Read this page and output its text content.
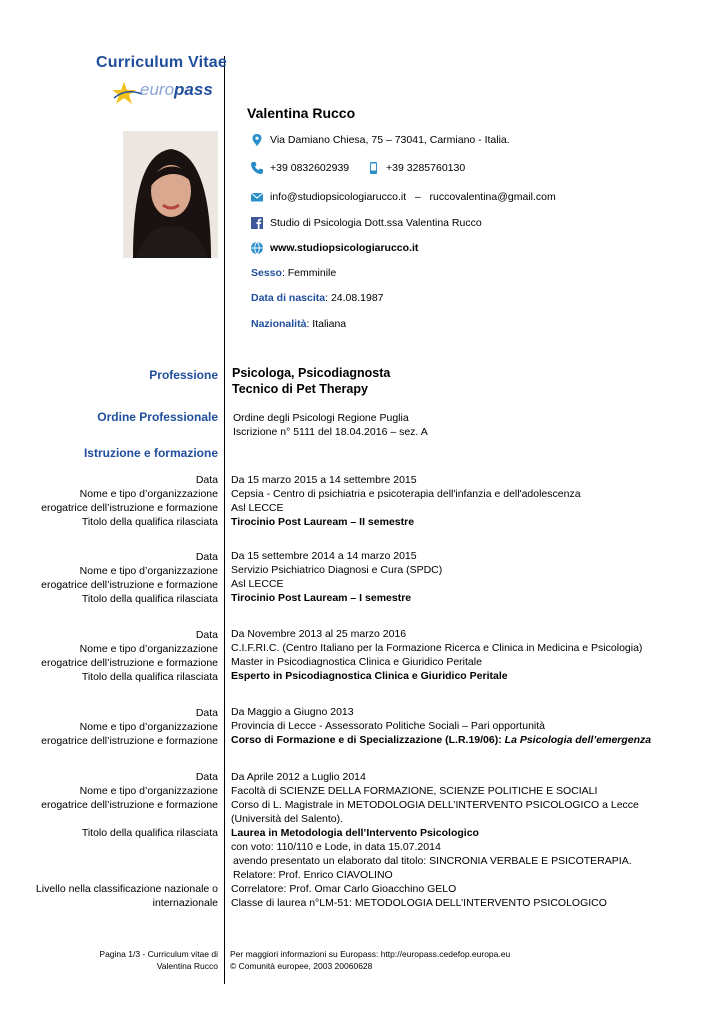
Curriculum Vitae
europass
Valentina Rucco
Via Damiano Chiesa, 75 – 73041, Carmiano - Italia.
+39 0832602939	+39 3285760130
info@studiopsicologiarucco.it – ruccovalentina@gmail.com
Studio di Psicologia Dott.ssa Valentina Rucco
www.studiopsicologiarucco.it
Sesso: Femminile
Data di nascita: 24.08.1987
Nazionalità: Italiana
Professione Psicologa, Psicodiagnosta
Tecnico di Pet Therapy
Ordine Professionale Ordine degli Psicologi Regione Puglia
Iscrizione n° 5111 del 18.04.2016 – sez. A
Istruzione e formazione
Data
Nome e tipo d’organizzazione
erogatrice dell’istruzione e formazione
Titolo della qualifica rilasciata
Da 15 marzo 2015 a 14 settembre 2015
Cepsia - Centro di psichiatria e psicoterapia dell'infanzia e dell'adolescenza
Asl LECCE
Tirocinio Post Lauream – II semestre
Data
Nome e tipo d’organizzazione
erogatrice dell’istruzione e formazione
Titolo della qualifica rilasciata
Da 15 settembre 2014 a 14 marzo 2015
Servizio Psichiatrico Diagnosi e Cura (SPDC)
Asl LECCE
Tirocinio Post Lauream – I semestre
Data
Nome e tipo d’organizzazione
erogatrice dell’istruzione e formazione
Titolo della qualifica rilasciata
Da Novembre 2013 al 25 marzo 2016
C.I.F.RI.C. (Centro Italiano per la Formazione Ricerca e Clinica in Medicina e Psicologia)
Master in Psicodiagnostica Clinica e Giuridico Peritale
Esperto in Psicodiagnostica Clinica e Giuridico Peritale
Data
Nome e tipo d’organizzazione
erogatrice dell’istruzione e formazione
Da Maggio a Giugno 2013
Provincia di Lecce - Assessorato Politiche Sociali – Pari opportunità
Corso di Formazione e di Specializzazione (L.R.19/06): La Psicologia dell’emergenza
Data
Nome e tipo d’organizzazione
erogatrice dell’istruzione e formazione
Titolo della qualifica rilasciata
Livello nella classificazione nazionale o
internazionale
Da Aprile 2012 a Luglio 2014
Facoltà di SCIENZE DELLA FORMAZIONE, SCIENZE POLITICHE E SOCIALI
Corso di L. Magistrale in METODOLOGIA DELL’INTERVENTO PSICOLOGICO a Lecce
(Università del Salento).
Laurea in Metodologia dell’Intervento Psicologico
con voto: 110/110 e Lode, in data 15.07.2014
avendo presentato un elaborato dal titolo: SINCRONIA VERBALE E PSICOTERAPIA.
Relatore: Prof. Enrico CIAVOLINO
Correlatore: Prof. Omar Carlo Gioacchino GELO
Classe di laurea n°LM-51: METODOLOGIA DELL’INTERVENTO PSICOLOGICO
Pagina 1/3 - Curriculum vitae di
Valentina Rucco
Per maggiori informazioni su Europass: http://europass.cedefop.europa.eu
© Comunità europee, 2003 20060628
